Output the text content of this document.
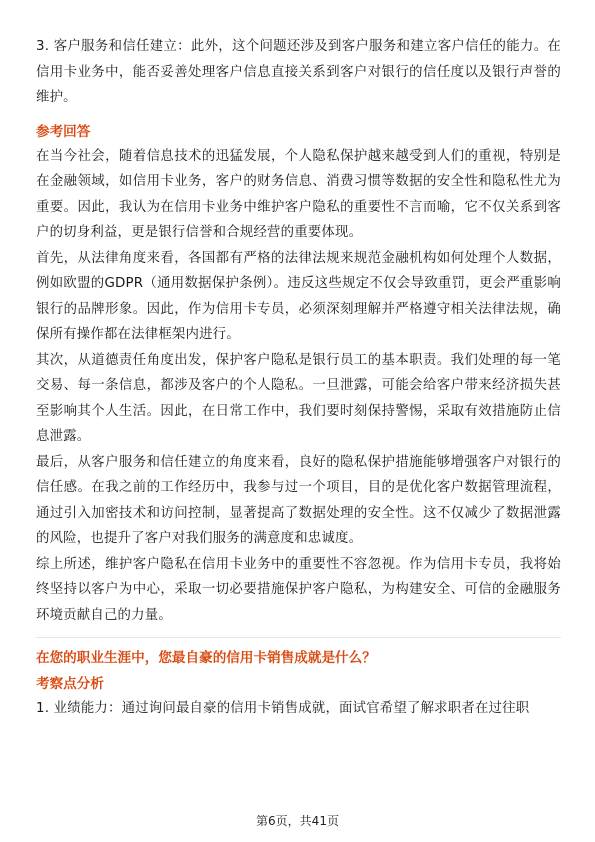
3. 客户服务和信任建立：此外，这个问题还涉及到客户服务和建立客户信任的能力。在信用卡业务中，能否妥善处理客户信息直接关系到客户对银行的信任度以及银行声誉的维护。

参考回答

在当今社会，随着信息技术的迅猛发展，个人隐私保护越来越受到人们的重视，特别是在金融领域，如信用卡业务，客户的财务信息、消费习惯等数据的安全性和隐私性尤为重要。因此，我认为在信用卡业务中维护客户隐私的重要性不言而喻，它不仅关系到客户的切身利益，更是银行信誉和合规经营的重要体现。

首先，从法律角度来看，各国都有严格的法律法规来规范金融机构如何处理个人数据，例如欧盟的GDPR（通用数据保护条例）。违反这些规定不仅会导致重罚，更会严重影响银行的品牌形象。因此，作为信用卡专员，必须深刻理解并严格遵守相关法律法规，确保所有操作都在法律框架内进行。

其次，从道德责任角度出发，保护客户隐私是银行员工的基本职责。我们处理的每一笔交易、每一条信息，都涉及客户的个人隐私。一旦泄露，可能会给客户带来经济损失甚至影响其个人生活。因此，在日常工作中，我们要时刻保持警惕，采取有效措施防止信息泄露。

最后，从客户服务和信任建立的角度来看，良好的隐私保护措施能够增强客户对银行的信任感。在我之前的工作经历中，我参与过一个项目，目的是优化客户数据管理流程，通过引入加密技术和访问控制，显著提高了数据处理的安全性。这不仅减少了数据泄露的风险，也提升了客户对我们服务的满意度和忠诚度。

综上所述，维护客户隐私在信用卡业务中的重要性不容忽视。作为信用卡专员，我将始终坚持以客户为中心，采取一切必要措施保护客户隐私，为构建安全、可信的金融服务环境贡献自己的力量。

在您的职业生涯中，您最自豪的信用卡销售成就是什么？

考察点分析

1. 业绩能力：通过询问最自豪的信用卡销售成就，面试官希望了解求职者在过往职

第6页，共41页
